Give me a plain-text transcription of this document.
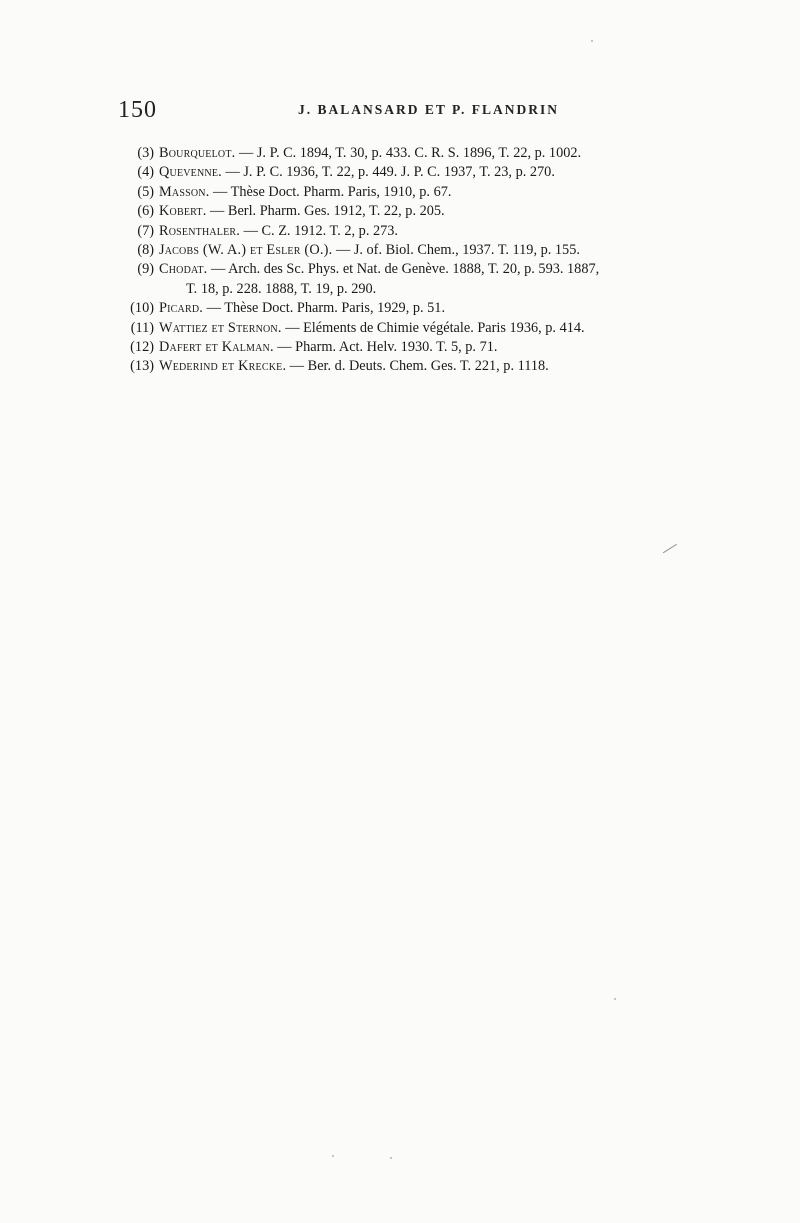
150	J. BALANSARD ET P. FLANDRIN
(3) Bourquelot. — J. P. C. 1894, T. 30, p. 433. C. R. S. 1896, T. 22, p. 1002.
(4) Quevenne. — J. P. C. 1936, T. 22, p. 449. J. P. C. 1937, T. 23, p. 270.
(5) Masson. — Thèse Doct. Pharm. Paris, 1910, p. 67.
(6) Kobert. — Berl. Pharm. Ges. 1912, T. 22, p. 205.
(7) Rosenthaler. — C. Z. 1912. T. 2, p. 273.
(8) Jacobs (W. A.) et Esler (O.). — J. of. Biol. Chem., 1937. T. 119, p. 155.
(9) Chodat. — Arch. des Sc. Phys. et Nat. de Genève. 1888, T. 20, p. 593. 1887,
T. 18, p. 228. 1888, T. 19, p. 290.
(10) Picard. — Thèse Doct. Pharm. Paris, 1929, p. 51.
(11) Wattiez et Sternon. — Eléments de Chimie végétale. Paris 1936, p. 414.
(12) Dafert et Kalman. — Pharm. Act. Helv. 1930. T. 5, p. 71.
(13) Wederind et Krecke. — Ber. d. Deuts. Chem. Ges. T. 221, p. 1118.
